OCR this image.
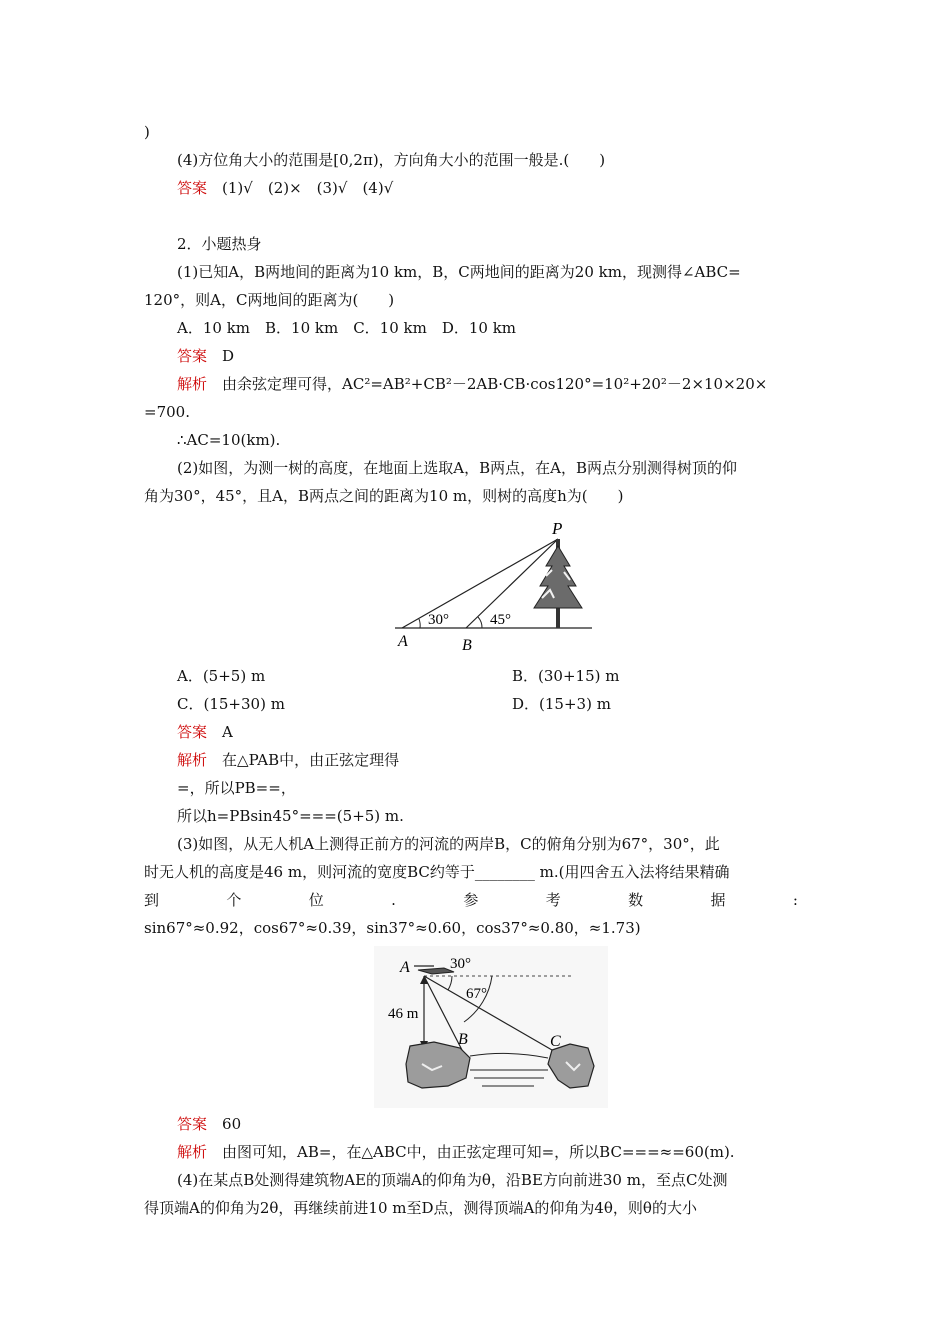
)
(4)方位角大小的范围是[0,2π)，方向角大小的范围一般是.(　　)
答案　 (1)√　(2)×　(3)√　(4)√
2．小题热身
(1)已知A，B两地间的距离为10 km，B，C两地间的距离为20 km，现测得∠ABC=
120°，则A，C两地间的距离为(　　)
A．10 km　B．10 km　C．10 km　D．10 km
答案　 D
解析　 由余弦定理可得，AC²=AB²+CB²－2AB·CB·cos120°=10²+20²－2×10×20×
=700.
∴AC=10(km).
(2)如图，为测一树的高度，在地面上选取A，B两点，在A，B两点分别测得树顶的仰
角为30°，45°，且A，B两点之间的距离为10 m，则树的高度h为(　　)
P
A	B
30°	45°
A．(5+5) m	B．(30+15) m
C．(15+30) m	D．(15+3) m
答案　 A
解析　 在△PAB中，由正弦定理得
=，所以PB==，
所以h=PBsin45°===(5+5) m.
(3)如图，从无人机A上测得正前方的河流的两岸B，C的俯角分别为67°，30°，此
时无人机的高度是46 m，则河流的宽度BC约等于________ m.(用四舍五入法将结果精确
到	个	位	.	参	考	数	据	:
sin67°≈0.92，cos67°≈0.39，sin37°≈0.60，cos37°≈0.80，≈1.73)
A
B	C
46 m
30°
67°
答案　 60
解析　 由图可知，AB=，在△ABC中，由正弦定理可知=，所以BC===≈=60(m).
(4)在某点B处测得建筑物AE的顶端A的仰角为θ，沿BE方向前进30 m，至点C处测
得顶端A的仰角为2θ，再继续前进10 m至D点，测得顶端A的仰角为4θ，则θ的大小
